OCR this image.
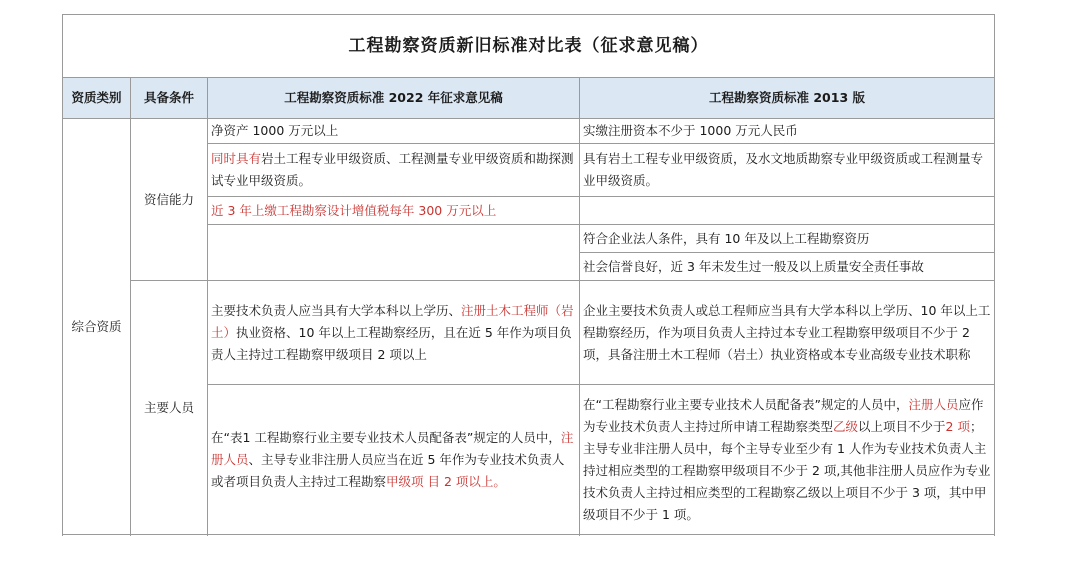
工程勘察资质新旧标准对比表（征求意见稿）			
资质类别	具备条件	工程勘察资质标准 2022 年征求意见稿	工程勘察资质标准 2013 版
综合资质	资信能力	净资产 1000 万元以上	实缴注册资本不少于 1000 万元人民币
		同时具有岩土工程专业甲级资质、工程测量专业甲级资质和勘探测试专业甲级资质。	具有岩土工程专业甲级资质，及水文地质勘察专业甲级资质或工程测量专业甲级资质。
		近 3 年上缴工程勘察设计增值税每年 300 万元以上	
			符合企业法人条件，具有 10 年及以上工程勘察资历
			社会信誉良好，近 3 年未发生过一般及以上质量安全责任事故
	主要人员	主要技术负责人应当具有大学本科以上学历、注册土木工程师（岩土）执业资格、10 年以上工程勘察经历，且在近 5 年作为项目负责人主持过工程勘察甲级项目 2 项以上	企业主要技术负责人或总工程师应当具有大学本科以上学历、10 年以上工程勘察经历，作为项目负责人主持过本专业工程勘察甲级项目不少于 2 项，具备注册土木工程师（岩土）执业资格或本专业高级专业技术职称
		在“表1 工程勘察行业主要专业技术人员配备表”规定的人员中，注册人员、主导专业非注册人员应当在近 5 年作为专业技术负责人或者项目负责人主持过工程勘察甲级项 目 2 项以上。	在“工程勘察行业主要专业技术人员配备表”规定的人员中，注册人员应作为专业技术负责人主持过所申请工程勘察类型乙级以上项目不少于2 项；主导专业非注册人员中，每个主导专业至少有 1 人作为专业技术负责人主持过相应类型的工程勘察甲级项目不少于 2 项,其他非注册人员应作为专业技术负责人主持过相应类型的工程勘察乙级以上项目不少于 3 项，其中甲级项目不少于 1 项。
